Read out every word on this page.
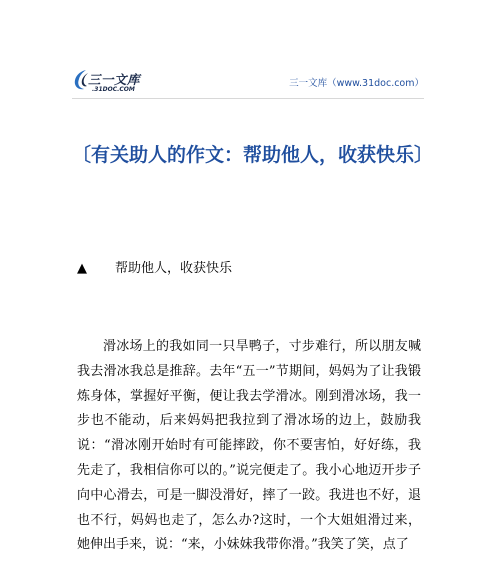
三一文库
.31DOC.COM
三一文库（www.31doc.com）
〔有关助人的作文：帮助他人，收获快乐〕
▲ 帮助他人，收获快乐
滑冰场上的我如同一只旱鸭子，寸步难行，所以朋友喊我去滑冰我总是推辞。去年“五一”节期间，妈妈为了让我锻炼身体，掌握好平衡，便让我去学滑冰。刚到滑冰场，我一步也不能动，后来妈妈把我拉到了滑冰场的边上，鼓励我说：“滑冰刚开始时有可能摔跤，你不要害怕，好好练，我先走了，我相信你可以的。”说完便走了。我小心地迈开步子向中心滑去，可是一脚没滑好，摔了一跤。我进也不好，退也不行，妈妈也走了，怎么办?这时，一个大姐姐滑过来，她伸出手来，说：“来，小妹妹我带你滑。”我笑了笑，点了
